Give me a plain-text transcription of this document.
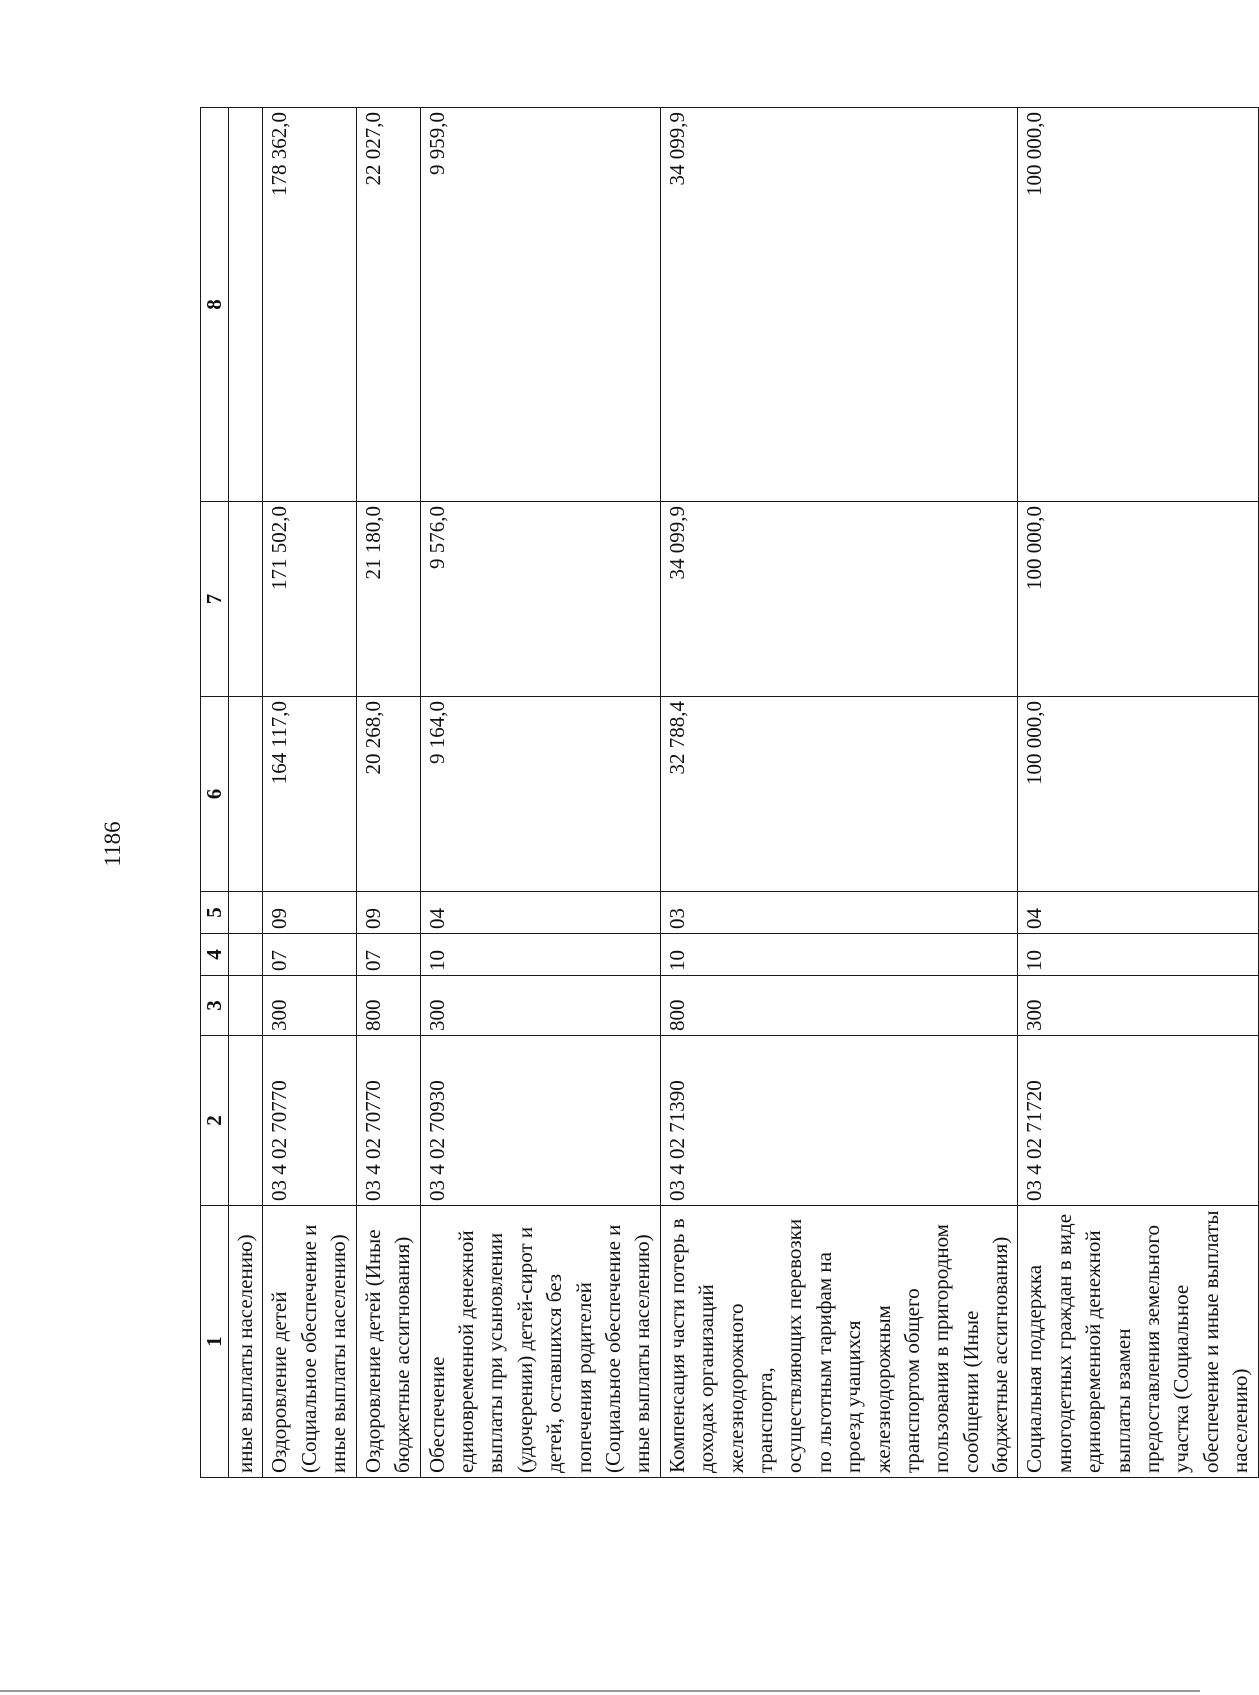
1186
1	2	3	4	5	6	7	8
иные выплаты населению)							
Оздоровление детей (Социальное обеспечение и иные выплаты населению)	03 4 02 70770	300	07	09	164 117,0	171 502,0	178 362,0
Оздоровление детей (Иные бюджетные ассигнования)	03 4 02 70770	800	07	09	20 268,0	21 180,0	22 027,0
Обеспечение единовременной денежной выплаты при усыновлении (удочерении) детей-сирот и детей, оставшихся без попечения родителей (Социальное обеспечение и иные выплаты населению)	03 4 02 70930	300	10	04	9 164,0	9 576,0	9 959,0
Компенсация части потерь в доходах организаций железнодорожного транспорта, осуществляющих перевозки по льготным тарифам на проезд учащихся железнодорожным транспортом общего пользования в пригородном сообщении (Иные бюджетные ассигнования)	03 4 02 71390	800	10	03	32 788,4	34 099,9	34 099,9
Социальная поддержка многодетных граждан в виде единовременной денежной выплаты взамен предоставления земельного участка (Социальное обеспечение и иные выплаты населению)	03 4 02 71720	300	10	04	100 000,0	100 000,0	100 000,0
